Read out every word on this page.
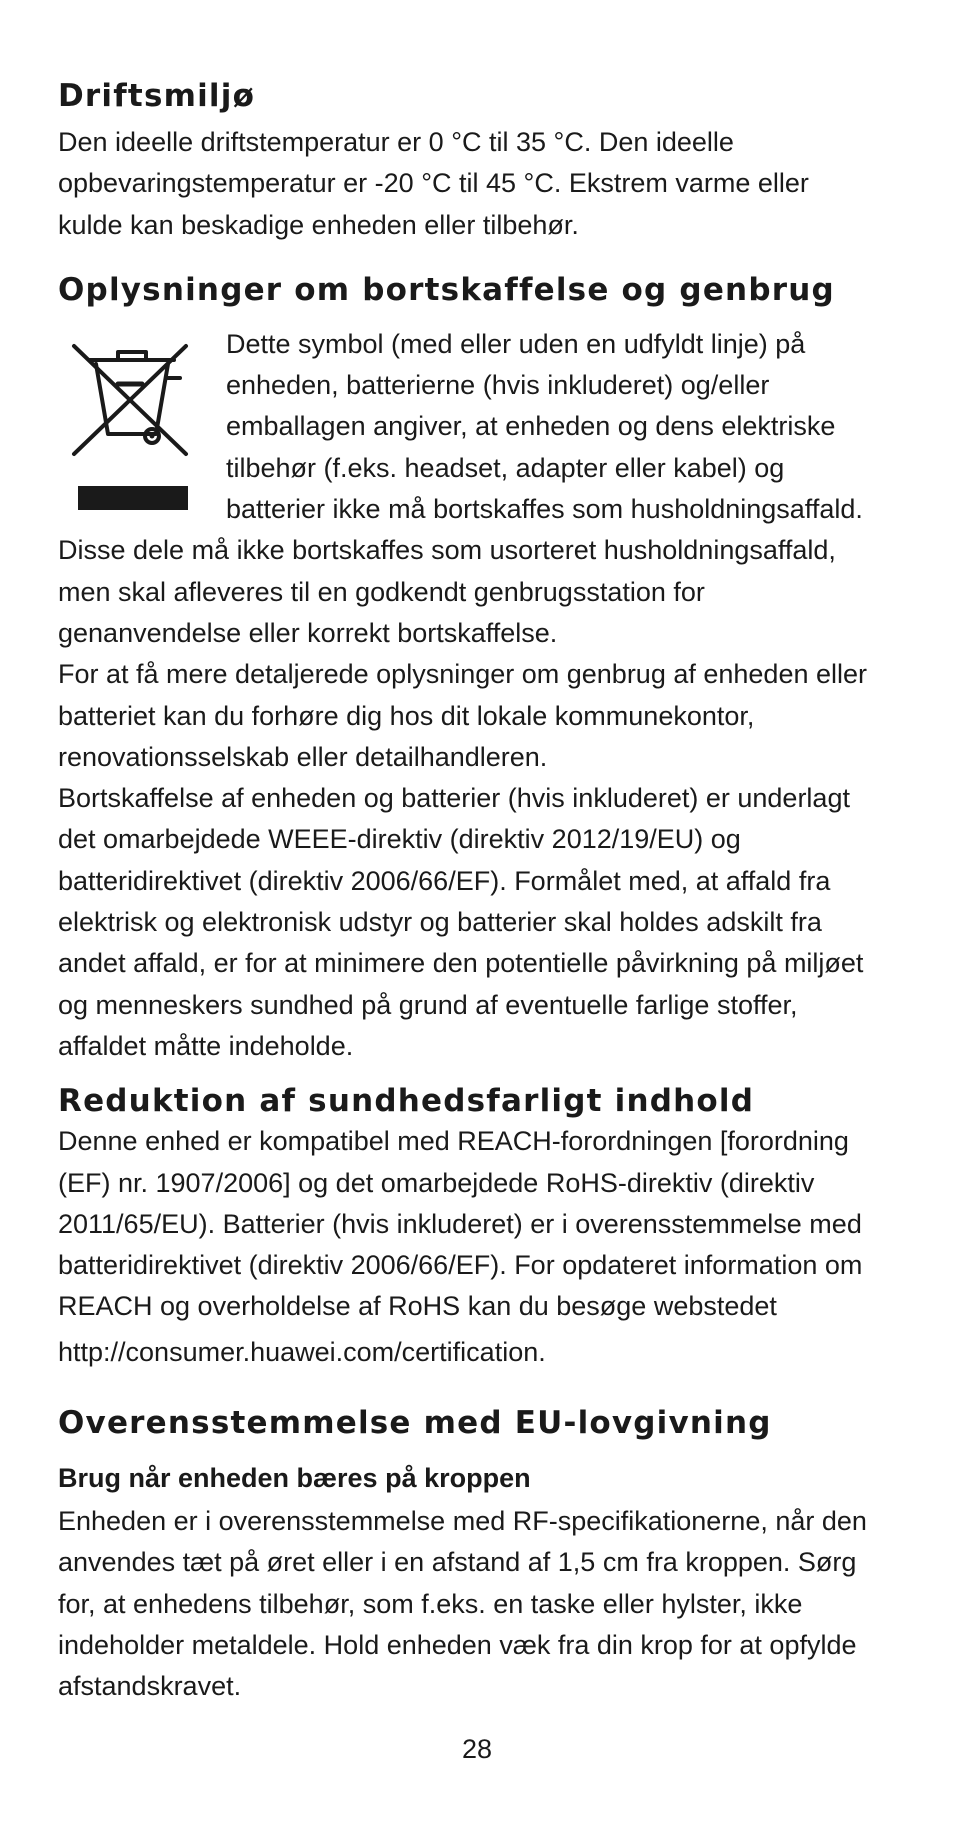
Driftsmiljø

Den ideelle driftstemperatur er 0 °C til 35 °C. Den ideelle opbevaringstemperatur er -20 °C til 45 °C. Ekstrem varme eller kulde kan beskadige enheden eller tilbehør.

Oplysninger om bortskaffelse og genbrug

Dette symbol (med eller uden en udfyldt linje) på enheden, batterierne (hvis inkluderet) og/eller emballagen angiver, at enheden og dens elektriske tilbehør (f.eks. headset, adapter eller kabel) og batterier ikke må bortskaffes som husholdningsaffald. Disse dele må ikke bortskaffes som usorteret husholdningsaffald, men skal afleveres til en godkendt genbrugsstation for genanvendelse eller korrekt bortskaffelse.

For at få mere detaljerede oplysninger om genbrug af enheden eller batteriet kan du forhøre dig hos dit lokale kommunekontor, renovationsselskab eller detailhandleren.

Bortskaffelse af enheden og batterier (hvis inkluderet) er underlagt det omarbejdede WEEE-direktiv (direktiv 2012/19/EU) og batteridirektivet (direktiv 2006/66/EF). Formålet med, at affald fra elektrisk og elektronisk udstyr og batterier skal holdes adskilt fra andet affald, er for at minimere den potentielle påvirkning på miljøet og menneskers sundhed på grund af eventuelle farlige stoffer, affaldet måtte indeholde.

Reduktion af sundhedsfarligt indhold

Denne enhed er kompatibel med REACH-forordningen [forordning (EF) nr. 1907/2006] og det omarbejdede RoHS-direktiv (direktiv 2011/65/EU). Batterier (hvis inkluderet) er i overensstemmelse med batteridirektivet (direktiv 2006/66/EF). For opdateret information om REACH og overholdelse af RoHS kan du besøge webstedet

http://consumer.huawei.com/certification.

Overensstemmelse med EU-lovgivning
Brug når enheden bæres på kroppen

Enheden er i overensstemmelse med RF-specifikationerne, når den anvendes tæt på øret eller i en afstand af 1,5 cm fra kroppen. Sørg for, at enhedens tilbehør, som f.eks. en taske eller hylster, ikke indeholder metaldele. Hold enheden væk fra din krop for at opfylde afstandskravet.

28
